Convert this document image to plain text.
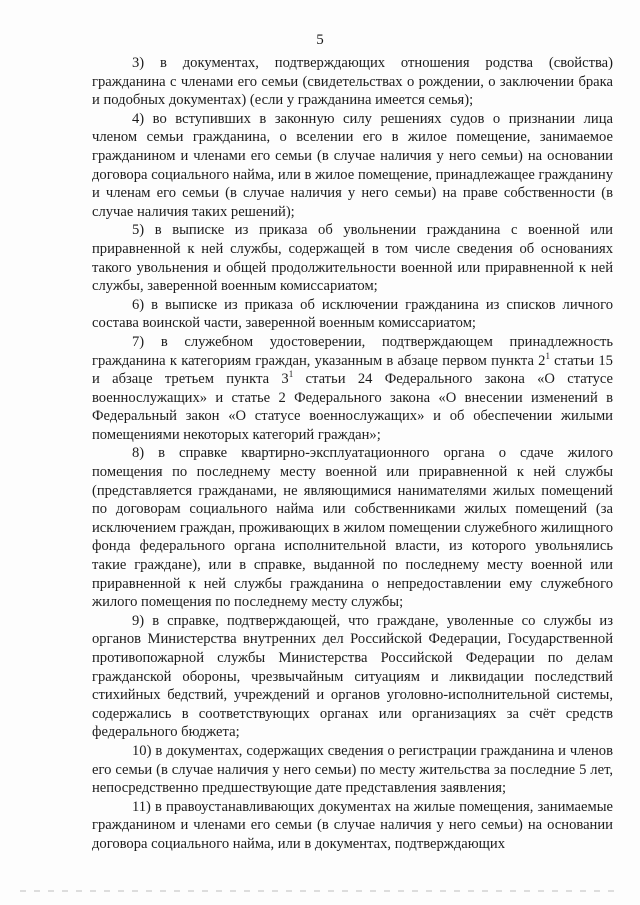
5

3) в документах, подтверждающих отношения родства (свойства) гражданина с членами его семьи (свидетельствах о рождении, о заключении брака и подобных документах) (если у гражданина имеется семья);

4) во вступивших в законную силу решениях судов о признании лица членом семьи гражданина, о вселении его в жилое помещение, занимаемое гражданином и членами его семьи (в случае наличия у него семьи) на основании договора социального найма, или в жилое помещение, принадлежащее гражданину и членам его семьи (в случае наличия у него семьи) на праве собственности (в случае наличия таких решений);

5) в выписке из приказа об увольнении гражданина с военной или приравненной к ней службы, содержащей в том числе сведения об основаниях такого увольнения и общей продолжительности военной или приравненной к ней службы, заверенной военным комиссариатом;

6) в выписке из приказа об исключении гражданина из списков личного состава воинской части, заверенной военным комиссариатом;

7) в служебном удостоверении, подтверждающем принадлежность гражданина к категориям граждан, указанным в абзаце первом пункта $2^1$ статьи 15 и абзаце третьем пункта $3^1$ статьи 24 Федерального закона «О статусе военнослужащих» и статье 2 Федерального закона «О внесении изменений в Федеральный закон «О статусе военнослужащих» и об обеспечении жилыми помещениями некоторых категорий граждан»;

8) в справке квартирно-эксплуатационного органа о сдаче жилого помещения по последнему месту военной или приравненной к ней службы (представляется гражданами, не являющимися нанимателями жилых помещений по договорам социального найма или собственниками жилых помещений (за исключением граждан, проживающих в жилом помещении служебного жилищного фонда федерального органа исполнительной власти, из которого увольнялись такие граждане), или в справке, выданной по последнему месту военной или приравненной к ней службы гражданина о непредоставлении ему служебного жилого помещения по последнему месту службы;

9) в справке, подтверждающей, что граждане, уволенные со службы из органов Министерства внутренних дел Российской Федерации, Государственной противопожарной службы Министерства Российской Федерации по делам гражданской обороны, чрезвычайным ситуациям и ликвидации последствий стихийных бедствий, учреждений и органов уголовно-исполнительной системы, содержались в соответствующих органах или организациях за счёт средств федерального бюджета;

10) в документах, содержащих сведения о регистрации гражданина и членов его семьи (в случае наличия у него семьи) по месту жительства за последние 5 лет, непосредственно предшествующие дате представления заявления;

11) в правоустанавливающих документах на жилые помещения, занимаемые гражданином и членами его семьи (в случае наличия у него семьи) на основании договора социального найма, или в документах, подтверждающих
